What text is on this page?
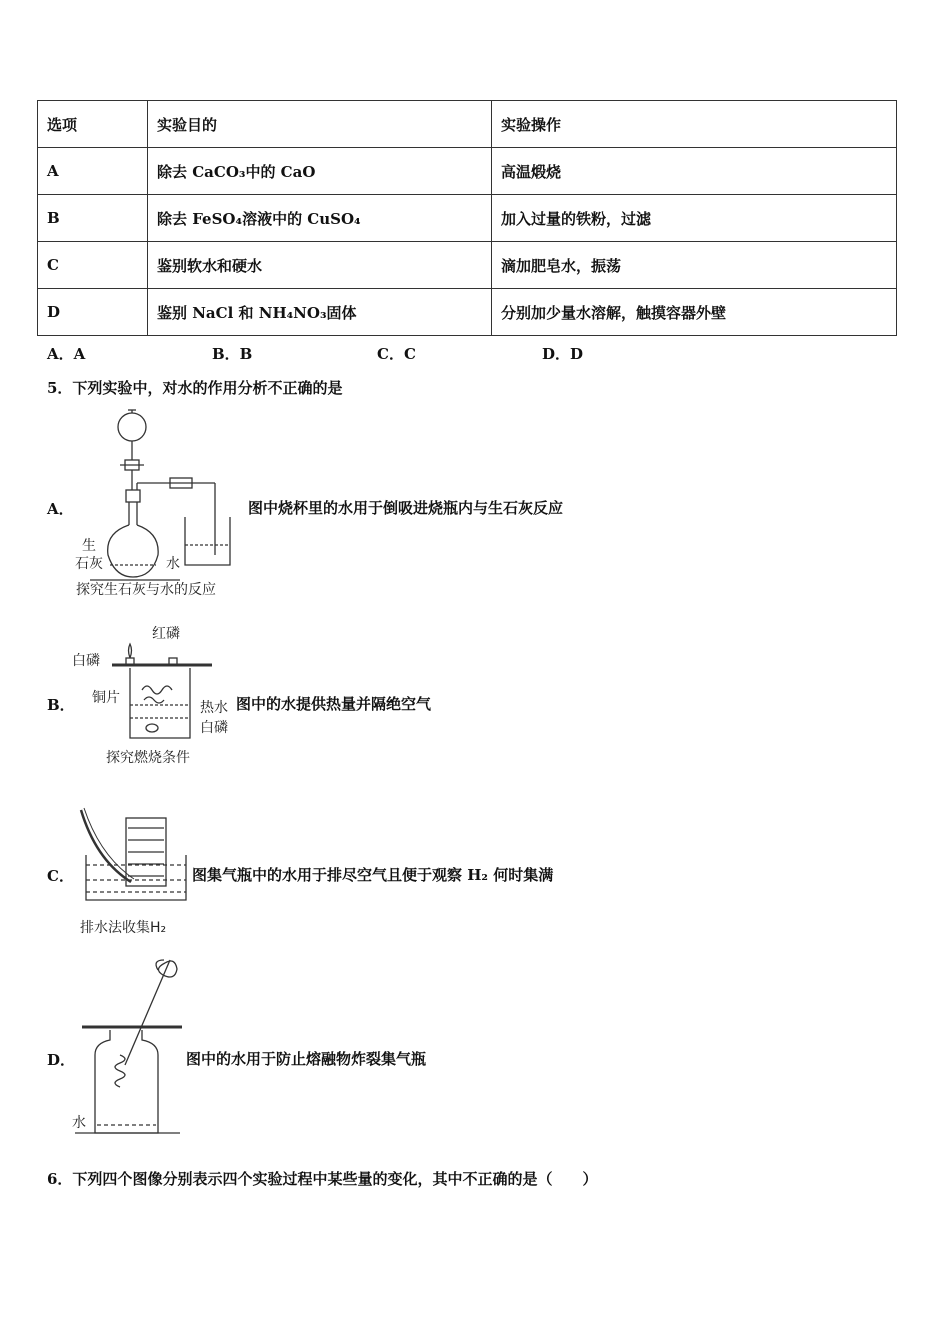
选项	实验目的	实验操作
A	除去 CaCO₃中的 CaO	高温煅烧
B	除去 FeSO₄溶液中的 CuSO₄	加入过量的铁粉，过滤
C	鉴别软水和硬水	滴加肥皂水，振荡
D	鉴别 NaCl 和 NH₄NO₃固体	分别加少量水溶解，触摸容器外壁
A．A	B．B	C．C	D．D
5．下列实验中，对水的作用分析不正确的是
A．	图中烧杯里的水用于倒吸进烧瓶内与生石灰反应
生
石灰	水
探究生石灰与水的反应
B．	图中的水提供热量并隔绝空气
红磷
白磷
铜片
热水
白磷
探究燃烧条件
C．	图集气瓶中的水用于排尽空气且便于观察 H₂ 何时集满
排水法收集H₂
D．	图中的水用于防止熔融物炸裂集气瓶
水
6．下列四个图像分别表示四个实验过程中某些量的变化，其中不正确的是（　　）
